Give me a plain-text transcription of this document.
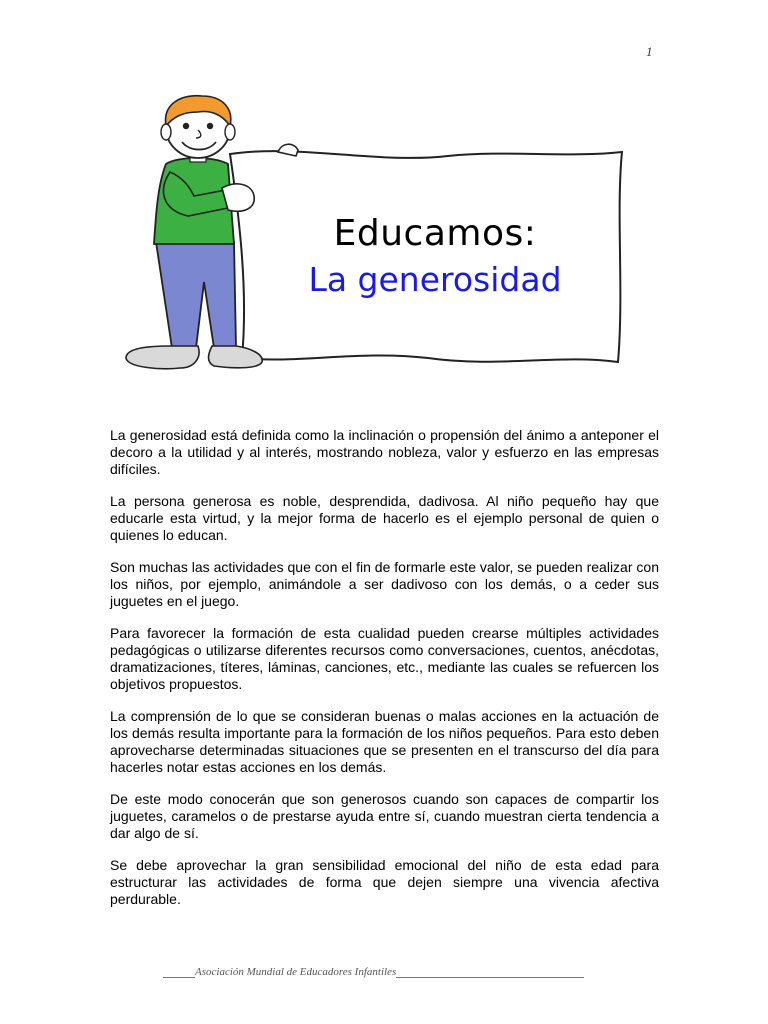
1
Educamos:
La generosidad

La generosidad está definida como la inclinación o propensión del ánimo a anteponer el decoro a la utilidad y al interés, mostrando nobleza, valor y esfuerzo en las empresas difíciles.

La persona generosa es noble, desprendida, dadivosa. Al niño pequeño hay que educarle esta virtud, y la mejor forma de hacerlo es el ejemplo personal de quien o quienes lo educan.

Son muchas las actividades que con el fin de formarle este valor, se pueden realizar con los niños, por ejemplo, animándole a ser dadivoso con los demás, o a ceder sus juguetes en el juego.

Para favorecer la formación de esta cualidad pueden crearse múltiples actividades pedagógicas o utilizarse diferentes recursos como conversaciones, cuentos, anécdotas, dramatizaciones, títeres, láminas, canciones, etc., mediante las cuales se refuercen los objetivos propuestos.

La comprensión de lo que se consideran buenas o malas acciones en la actuación de los demás resulta importante para la formación de los niños pequeños. Para esto deben aprovecharse determinadas situaciones que se presenten en el transcurso del día para hacerles notar estas acciones en los demás.

De este modo conocerán que son generosos cuando son capaces de compartir los juguetes, caramelos o de prestarse ayuda entre sí, cuando muestran cierta tendencia a dar algo de sí.

Se debe aprovechar la gran sensibilidad emocional del niño de esta edad para estructurar las actividades de forma que dejen siempre una vivencia afectiva perdurable.

Asociación Mundial de Educadores Infantiles
